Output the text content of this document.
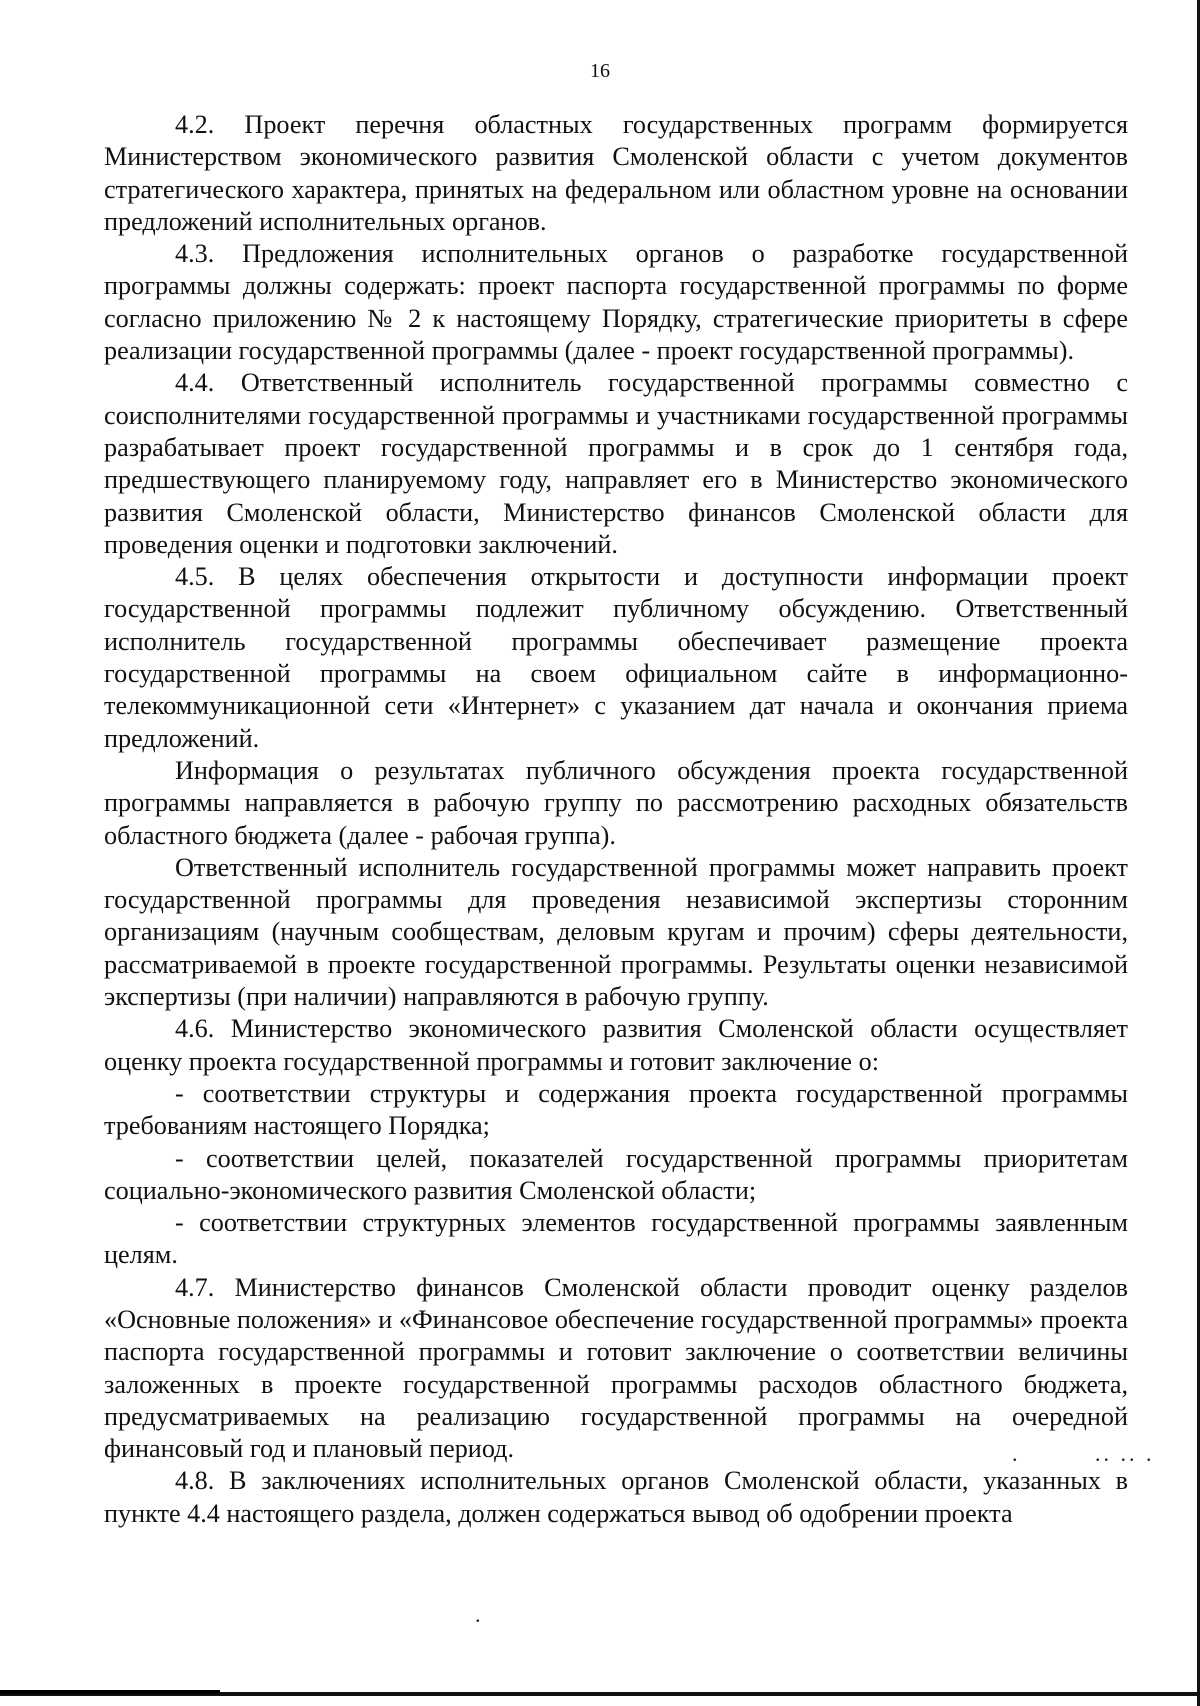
16

4.2. Проект перечня областных государственных программ формируется Министерством экономического развития Смоленской области с учетом документов стратегического характера, принятых на федеральном или областном уровне на основании предложений исполнительных органов.

4.3. Предложения исполнительных органов о разработке государственной программы должны содержать: проект паспорта государственной программы по форме согласно приложению № 2 к настоящему Порядку, стратегические приоритеты в сфере реализации государственной программы (далее - проект государственной программы).

4.4. Ответственный исполнитель государственной программы совместно с соисполнителями государственной программы и участниками государственной программы разрабатывает проект государственной программы и в срок до 1 сентября года, предшествующего планируемому году, направляет его в Министерство экономического развития Смоленской области, Министерство финансов Смоленской области для проведения оценки и подготовки заключений.

4.5. В целях обеспечения открытости и доступности информации проект государственной программы подлежит публичному обсуждению. Ответственный исполнитель государственной программы обеспечивает размещение проекта государственной программы на своем официальном сайте в информационно-телекоммуникационной сети «Интернет» с указанием дат начала и окончания приема предложений.

Информация о результатах публичного обсуждения проекта государственной программы направляется в рабочую группу по рассмотрению расходных обязательств областного бюджета (далее - рабочая группа).

Ответственный исполнитель государственной программы может направить проект государственной программы для проведения независимой экспертизы сторонним организациям (научным сообществам, деловым кругам и прочим) сферы деятельности, рассматриваемой в проекте государственной программы. Результаты оценки независимой экспертизы (при наличии) направляются в рабочую группу.

4.6. Министерство экономического развития Смоленской области осуществляет оценку проекта государственной программы и готовит заключение о:

- соответствии структуры и содержания проекта государственной программы требованиям настоящего Порядка;

- соответствии целей, показателей государственной программы приоритетам социально-экономического развития Смоленской области;

- соответствии структурных элементов государственной программы заявленным целям.

4.7. Министерство финансов Смоленской области проводит оценку разделов «Основные положения» и «Финансовое обеспечение государственной программы» проекта паспорта государственной программы и готовит заключение о соответствии величины заложенных в проекте государственной программы расходов областного бюджета, предусматриваемых на реализацию государственной программы на очередной финансовый год и плановый период.

4.8. В заключениях исполнительных органов Смоленской области, указанных в пункте 4.4 настоящего раздела, должен содержаться вывод об одобрении проекта

.	.. .. .
.
